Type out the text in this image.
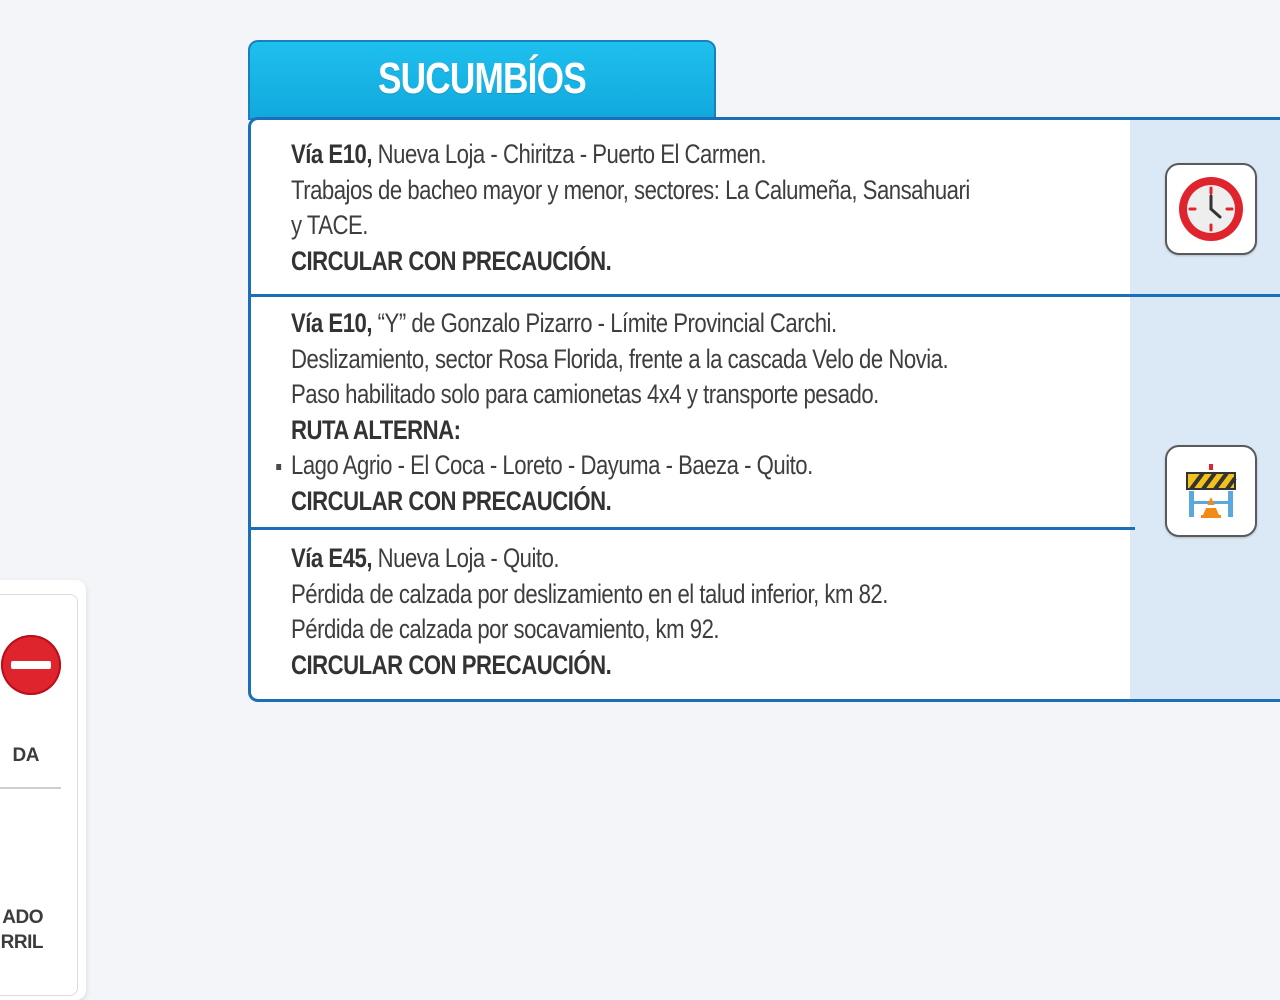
DA
ADO
RRIL
SUCUMBÍOS
Vía E10, Nueva Loja - Chiritza - Puerto El Carmen.
Trabajos de bacheo mayor y menor, sectores: La Calumeña, Sansahuari
y TACE.
CIRCULAR CON PRECAUCIÓN.
Vía E10, “Y” de Gonzalo Pizarro - Límite Provincial Carchi.
Deslizamiento, sector Rosa Florida, frente a la cascada Velo de Novia.
Paso habilitado solo para camionetas 4x4 y transporte pesado.
RUTA ALTERNA:
Lago Agrio - El Coca - Loreto - Dayuma - Baeza - Quito.
CIRCULAR CON PRECAUCIÓN.
Vía E45, Nueva Loja - Quito.
Pérdida de calzada por deslizamiento en el talud inferior, km 82.
Pérdida de calzada por socavamiento, km 92.
CIRCULAR CON PRECAUCIÓN.
